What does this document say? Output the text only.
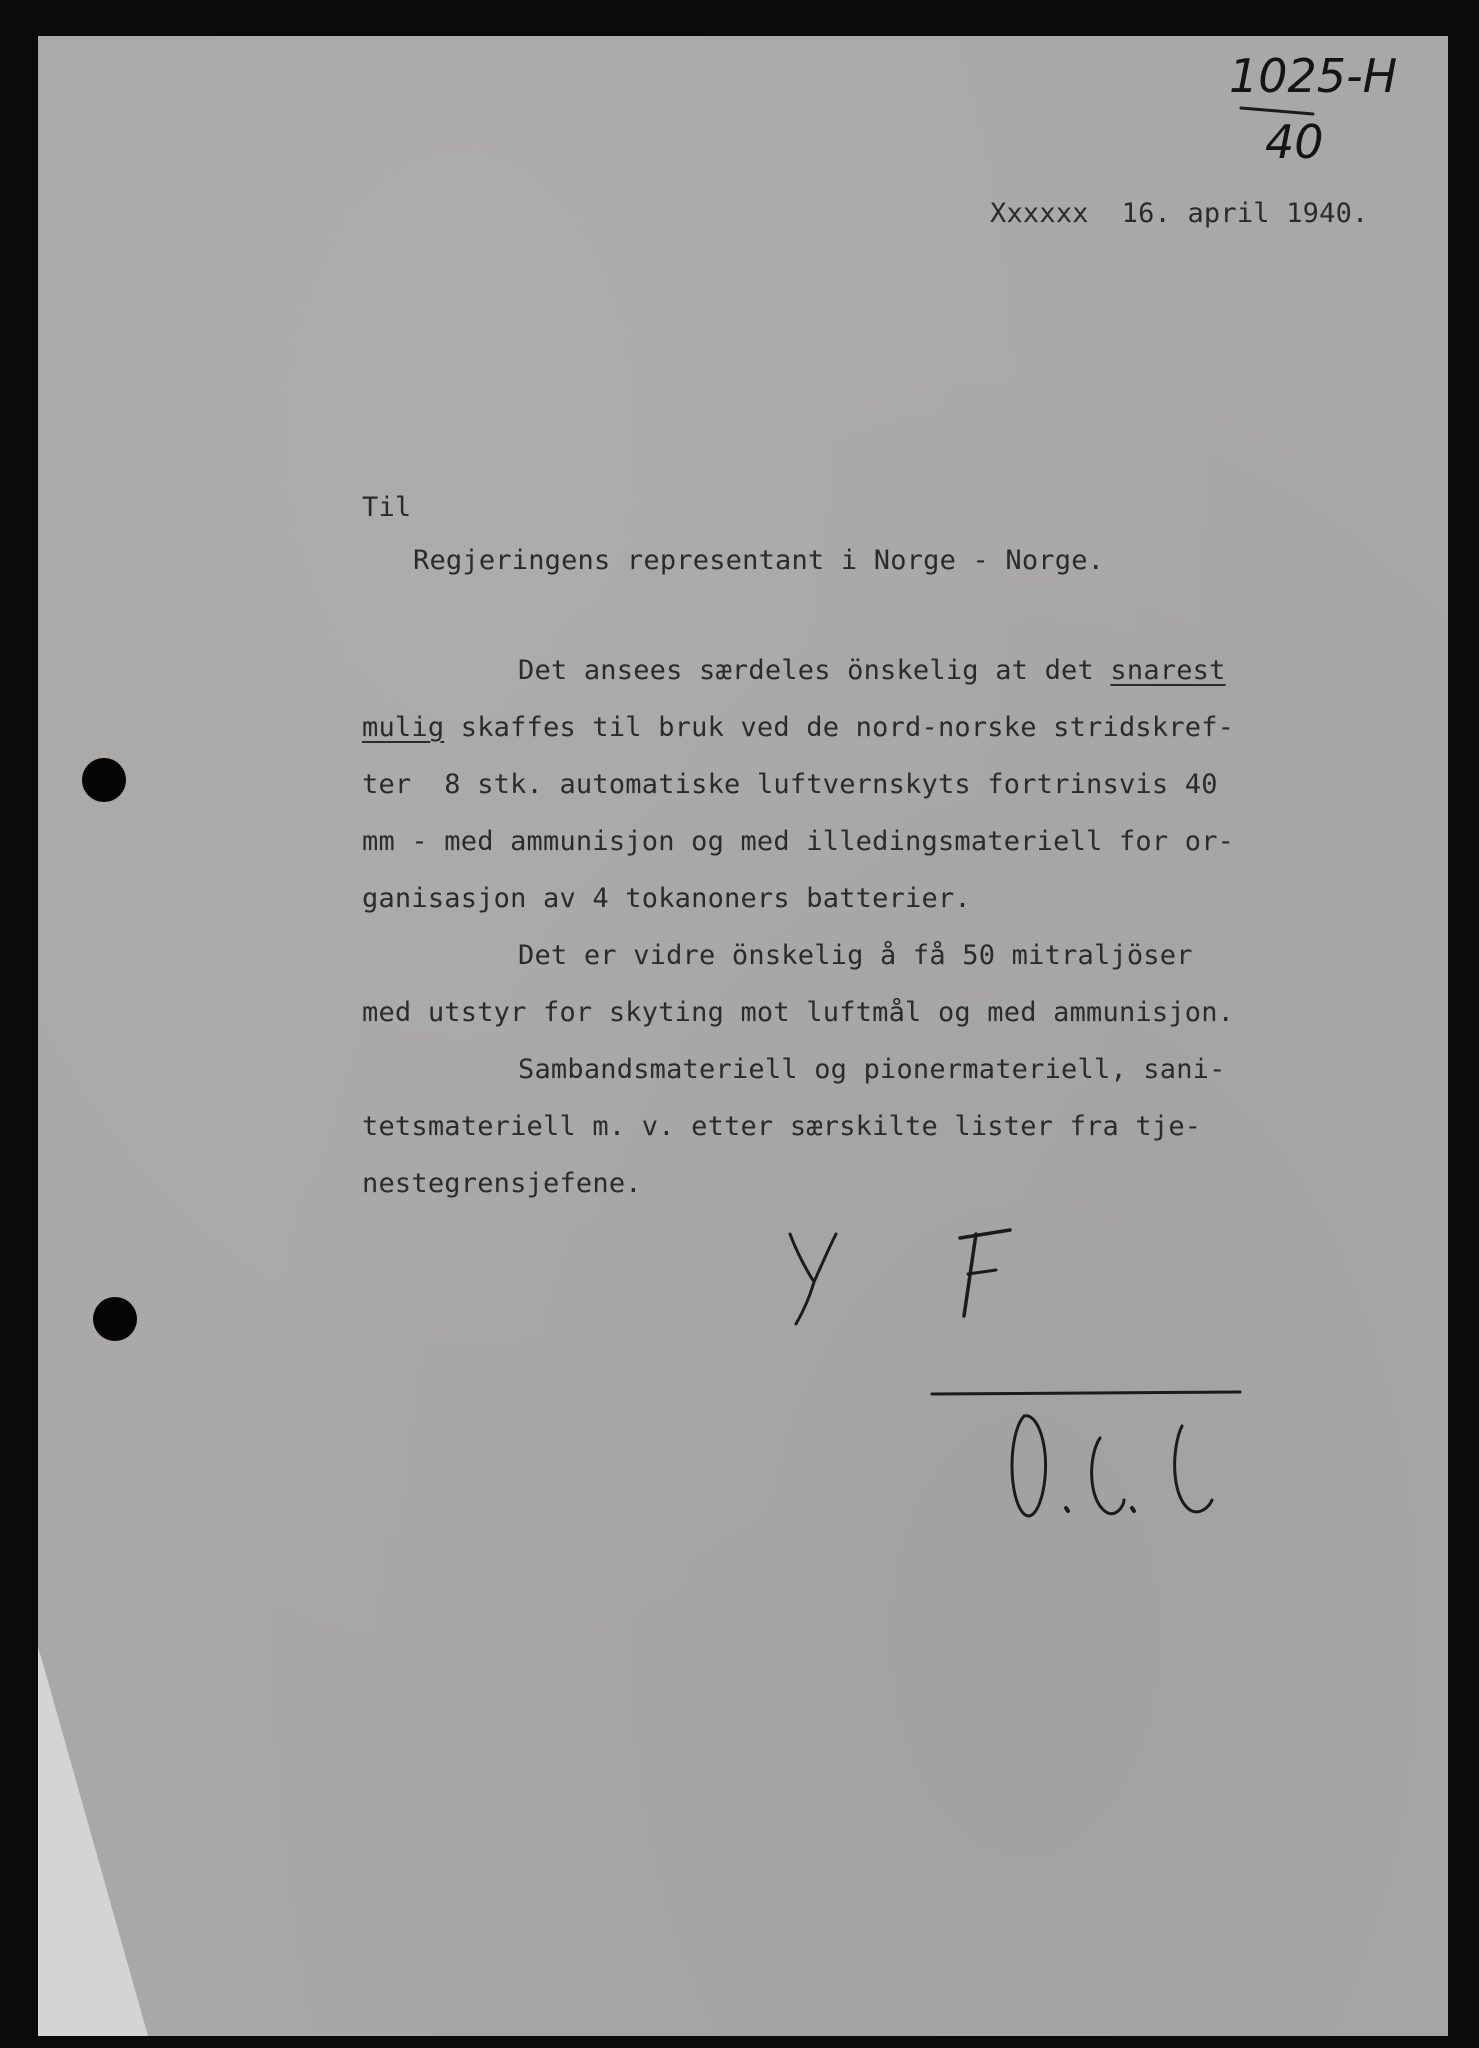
1025-H
40
Xxxxxx  16. april 1940.
Til
Regjeringens representant i Norge - Norge.
Det ansees særdeles önskelig at det snarest
mulig skaffes til bruk ved de nord-norske stridskref-
ter  8 stk. automatiske luftvernskyts fortrinsvis 40
mm - med ammunisjon og med illedingsmateriell for or-
ganisasjon av 4 tokanoners batterier.
Det er vidre önskelig å få 50 mitraljöser
med utstyr for skyting mot luftmål og med ammunisjon.
Sambandsmateriell og pionermateriell, sani-
tetsmateriell m. v. etter særskilte lister fra tje-
nestegrensjefene.
